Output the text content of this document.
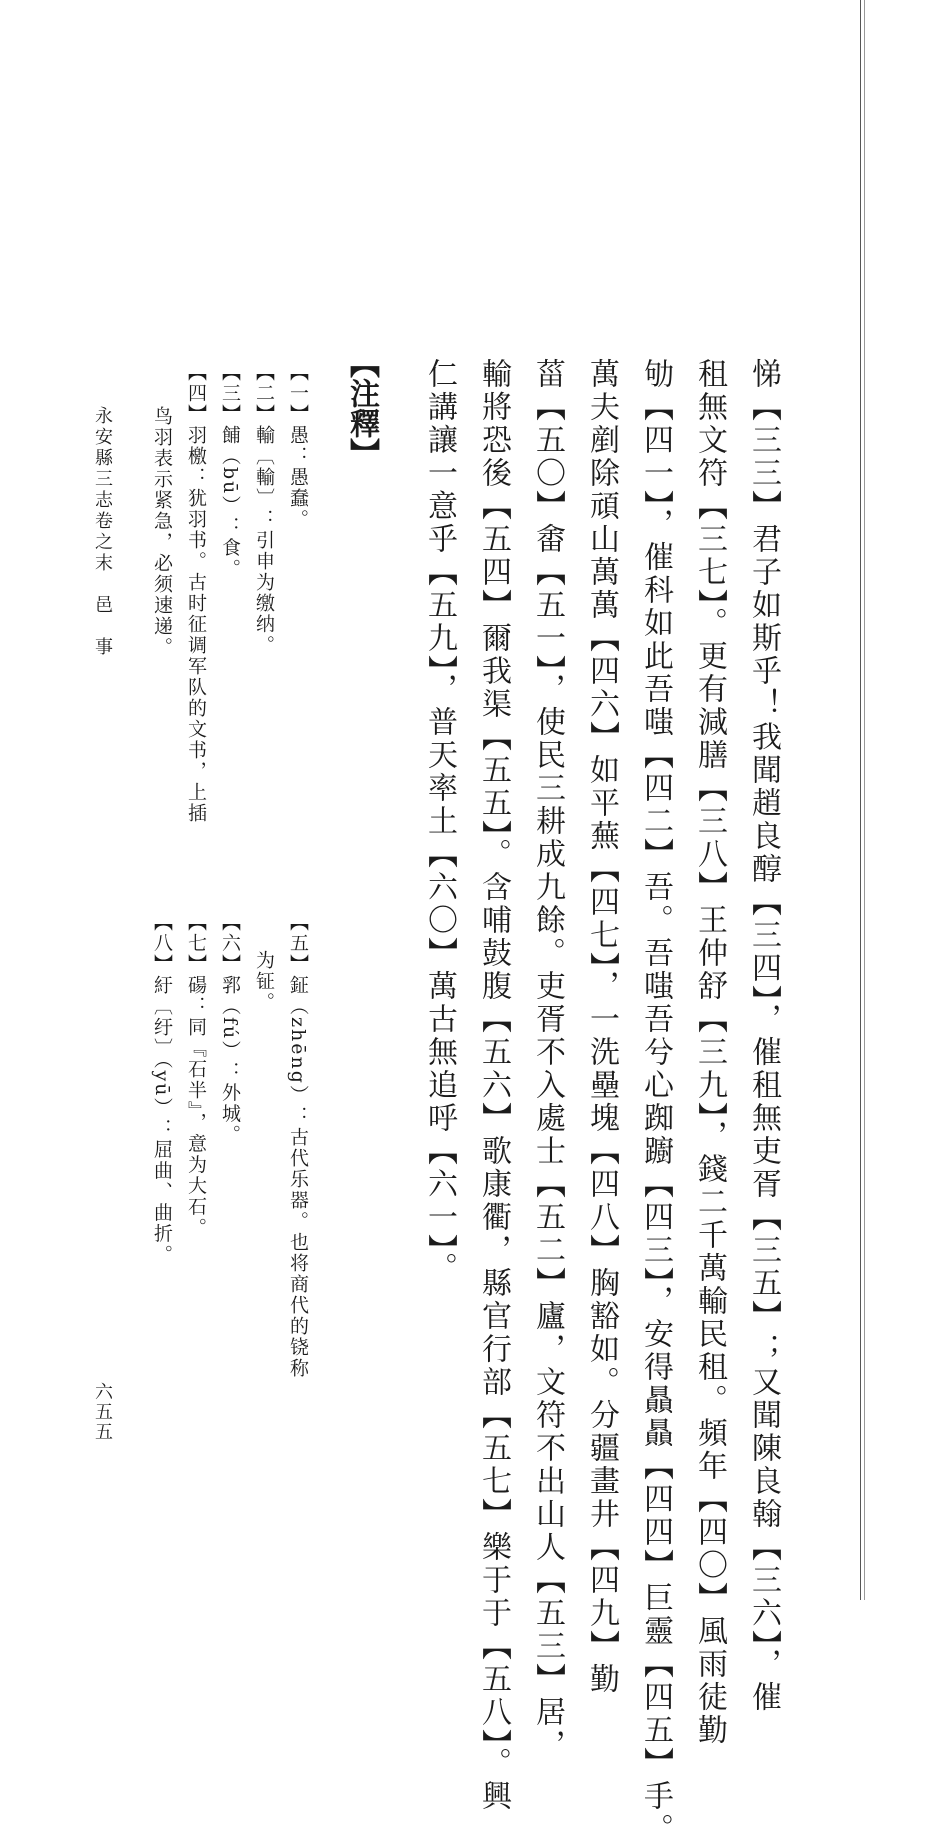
悌【三三】君子如斯乎！我聞趙良醇【三四】，催租無吏胥【三五】；又聞陳良翰【三六】，催
租無文符【三七】。更有減膳【三八】王仲舒【三九】，錢二千萬輸民租。頻年【四〇】風雨徒勤
劬【四一】，催科如此吾嗤【四二】吾。吾嗤吾兮心踟躕【四三】，安得贔贔【四四】巨靈【四五】手。
萬夫剷除頑山萬萬【四六】如平蕪【四七】，一洗壘塊【四八】胸豁如。分疆畫井【四九】勤
菑【五〇】畬【五一】，使民三耕成九餘。吏胥不入處士【五二】廬，文符不出山人【五三】居，
輸將恐後【五四】爾我渠【五五】。含哺鼓腹【五六】歌康衢，縣官行部【五七】樂于于【五八】。興
仁講讓一意乎【五九】，普天率土【六〇】萬古無追呼【六一】。
【注釋】
【一】愚：愚蠢。
【二】輸〔輸〕：引申为缴纳。
【三】餔（bū）：食。
【四】羽檄：犹羽书。古时征调军队的文书，上插
鸟羽表示紧急，必须速递。
【五】鉦（zhēng）：古代乐器。也将商代的铙称
为钲。
【六】郛（fú）：外城。
【七】碭：同『石半』，意为大石。
【八】紆〔纡〕（yū）：屈曲、曲折。
永安縣三志卷之末　邑　事
六五五
